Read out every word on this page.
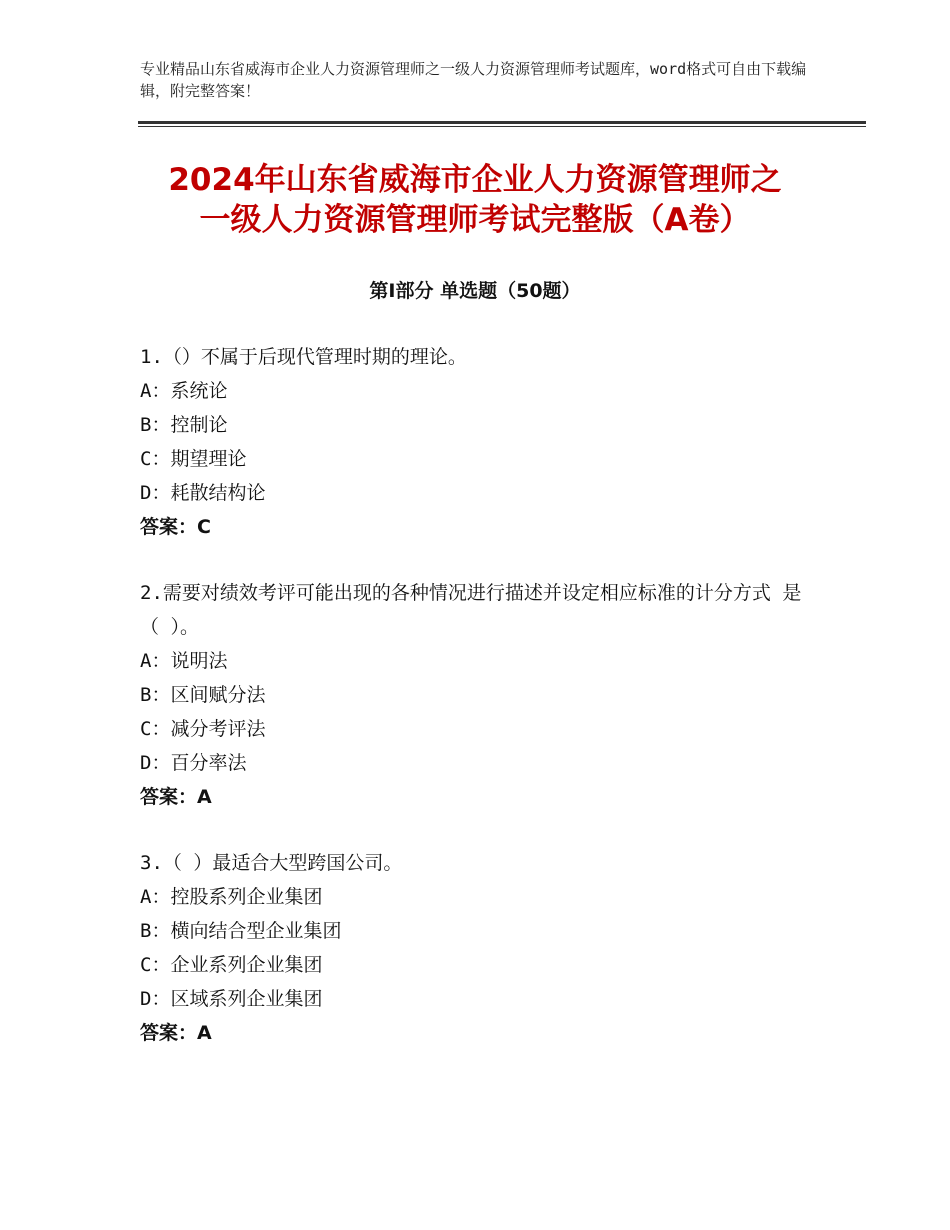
专业精品山东省威海市企业人力资源管理师之一级人力资源管理师考试题库，word格式可自由下载编辑，附完整答案！
2024年山东省威海市企业人力资源管理师之
一级人力资源管理师考试完整版（A卷）
第Ⅰ部分 单选题（50题）

1.（）不属于后现代管理时期的理论。

A：系统论

B：控制论

C：期望理论

D：耗散结构论

答案：C

2.需要对绩效考评可能出现的各种情况进行描述并设定相应标准的计分方式 是（ ）。

A：说明法

B：区间赋分法

C：减分考评法

D：百分率法

答案：A

3.（ ）最适合大型跨国公司。

A：控股系列企业集团

B：横向结合型企业集团

C：企业系列企业集团

D：区域系列企业集团

答案：A
